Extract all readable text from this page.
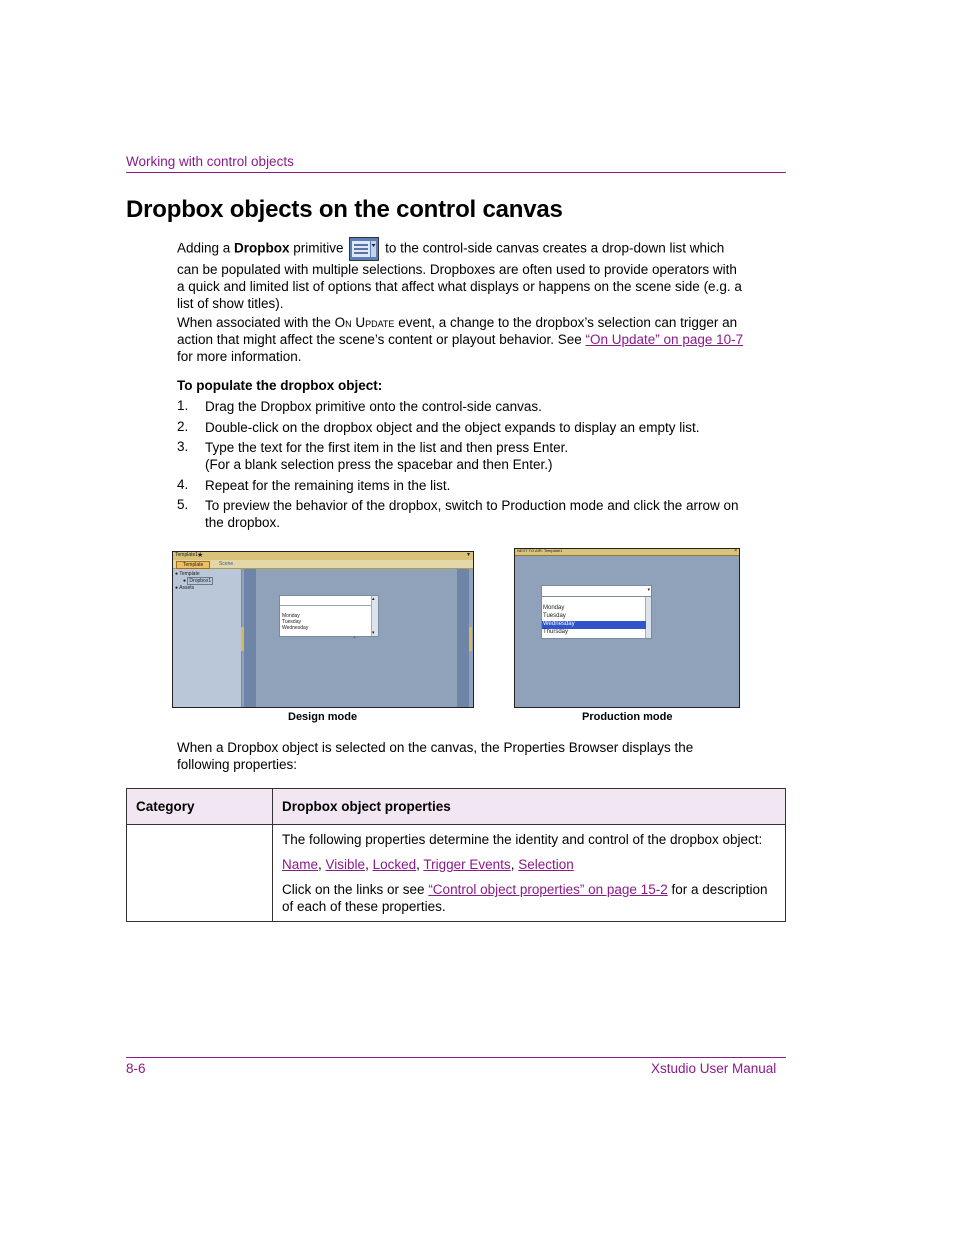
Working with control objects
Dropbox objects on the control canvas
Adding a Dropbox primitive	to the control-side canvas creates a drop-down list which can be populated with multiple selections. Dropboxes are often used to provide operators with a quick and limited list of options that affect what displays or happens on the scene side (e.g. a list of show titles).
When associated with the On Update event, a change to the dropbox’s selection can trigger an action that might affect the scene’s content or playout behavior. See “On Update” on page 10-7 for more information.
To populate the dropbox object:
1. Drag the Dropbox primitive onto the control-side canvas.
2. Double-click on the dropbox object and the object expands to display an empty list.
3. Type the text for the first item in the list and then press Enter.
(For a blank selection press the spacebar and then Enter.)
4. Repeat for the remaining items in the list.
5. To preview the behavior of the dropbox, switch to Production mode and click the arrow on the dropbox.
Template1
★	▾
Template	Scene
● Template
● Dropbox1
● Assets
▴
▾
Monday
Tuesday
Wednesday
+
Design mode
NEXT TO AIR: Template1	×
▾
Monday
Tuesday
Wednesday
Thursday
Production mode
When a Dropbox object is selected on the canvas, the Properties Browser displays the following properties:
Category	Dropbox object properties

	The following properties determine the identity and control of the dropbox object:
Name, Visible, Locked, Trigger Events, Selection
Click on the links or see “Control object properties” on page 15-2 for a description of each of these properties.
8-6	Xstudio User Manual
